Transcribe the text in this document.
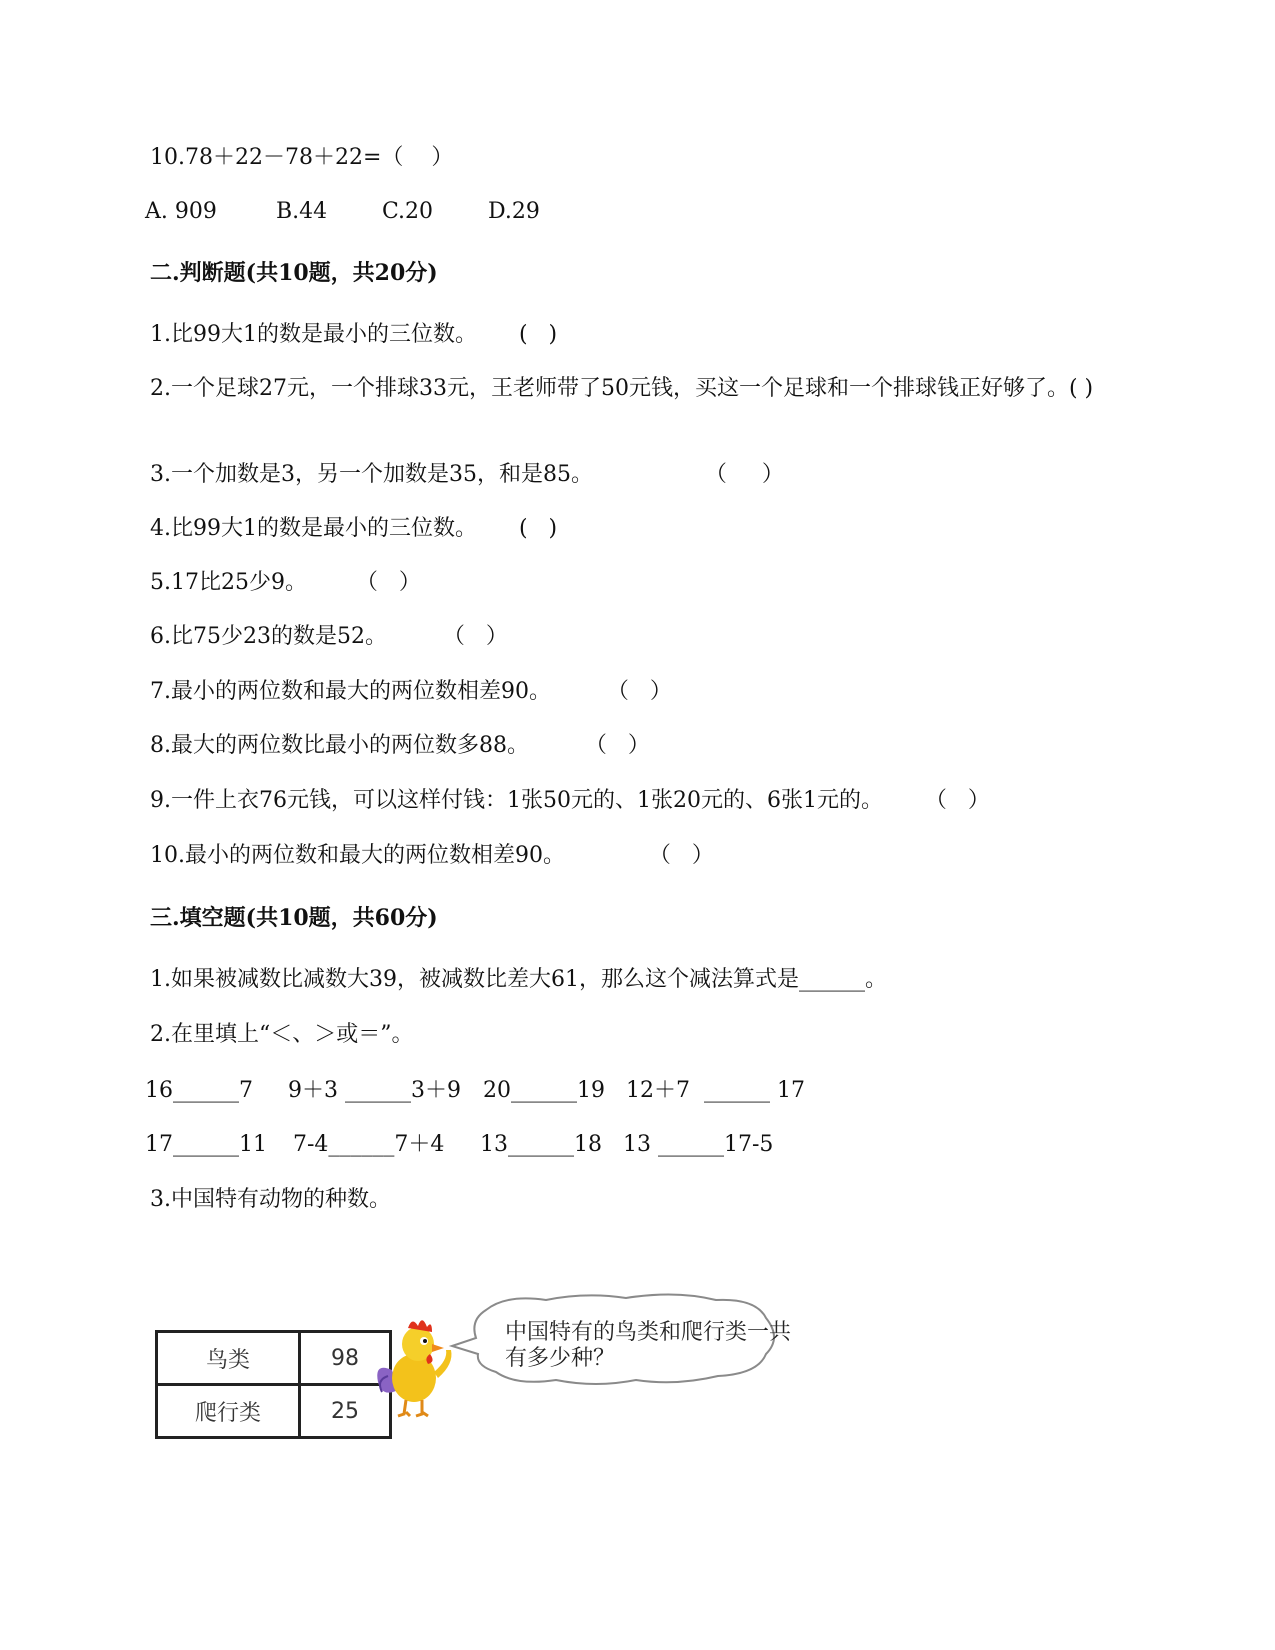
10.78＋22－78＋22=（    ）
A. 909	B.44 C.20 D.29
二.判断题(共10题，共20分)
1.比99大1的数是最小的三位数。      (   )
2.一个足球27元，一个排球33元，王老师带了50元钱，买这一个足球和一个排球钱正好够了。( )
3.一个加数是3，另一个加数是35，和是85。                （     ）
4.比99大1的数是最小的三位数。      (   )
5.17比25少9。       （   ）
6.比75少23的数是52。        （   ）
7.最小的两位数和最大的两位数相差90。        （   ）
8.最大的两位数比最小的两位数多88。        （   ）
9.一件上衣76元钱，可以这样付钱：1张50元的、1张20元的、6张1元的。      （   ）
10.最小的两位数和最大的两位数相差90。            （   ）
三.填空题(共10题，共60分)
1.如果被减数比减数大39，被减数比差大61，那么这个减法算式是______。
2.在里填上“＜、＞或＝”。
16______7 9＋3 ______3＋9 20______19 12＋7  ______ 17
17______11 7-4______7＋4 13______18 13 ______17-5
3.中国特有动物的种数。
鸟类	98
爬行类	25
中国特有的鸟类和爬行类一共有多少种？
